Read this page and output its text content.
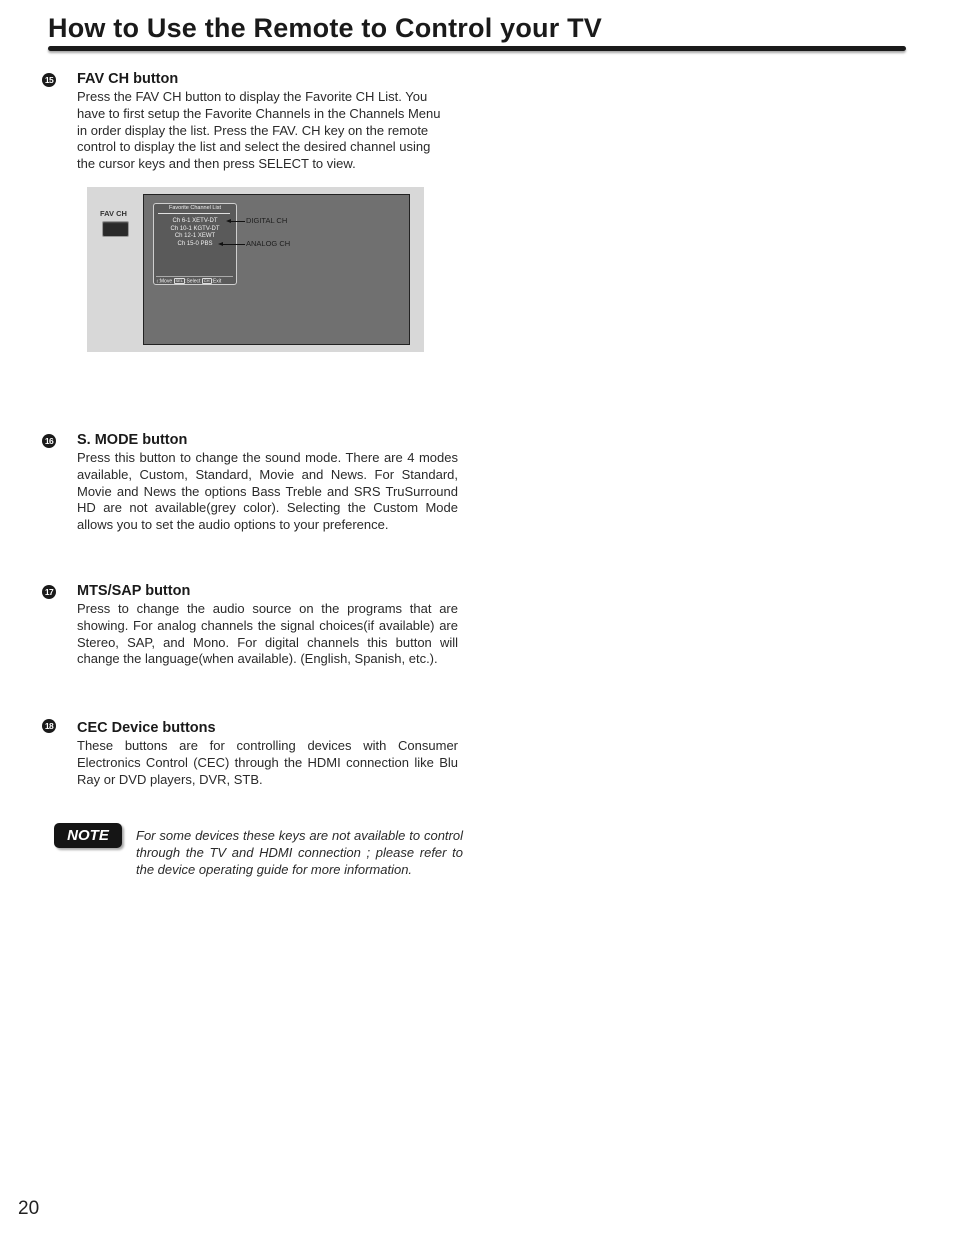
How to Use the Remote to Control your TV
15 FAV CH button
Press the FAV CH button to display the Favorite CH List. You
have to first setup the Favorite Channels in the Channels Menu
in order display the list. Press the FAV. CH key on the remote
control to display the list and select the desired channel using
the cursor keys and then press SELECT to view.
FAV CH
Favorite Channel List
Ch 6-1 XETV-DT
Ch 10-1 KGTV-DT
Ch 12-1 XEWT
Ch 15-0 PBS
↕:Move SEL :Select CH :Exit
DIGITAL CH
ANALOG CH
16 S. MODE button

Press this button to change the sound mode. There are 4 modes available, Custom, Standard, Movie and News. For Standard, Movie and News the options Bass Treble and SRS TruSurround HD are not available(grey color). Selecting the Custom Mode allows you to set the audio options to your preference.

17 MTS/SAP button

Press to change the audio source on the programs that are showing. For analog channels the signal choices(if available) are Stereo, SAP, and Mono. For digital channels this button will change the language(when available). (English, Spanish, etc.).

18 CEC Device buttons

These buttons are for controlling devices with Consumer Electronics Control (CEC) through the HDMI connection like Blu Ray or DVD players, DVR, STB.

NOTE	For some devices these keys are not available to control through the TV and HDMI connection ; please refer to the device operating guide for more information.

20
